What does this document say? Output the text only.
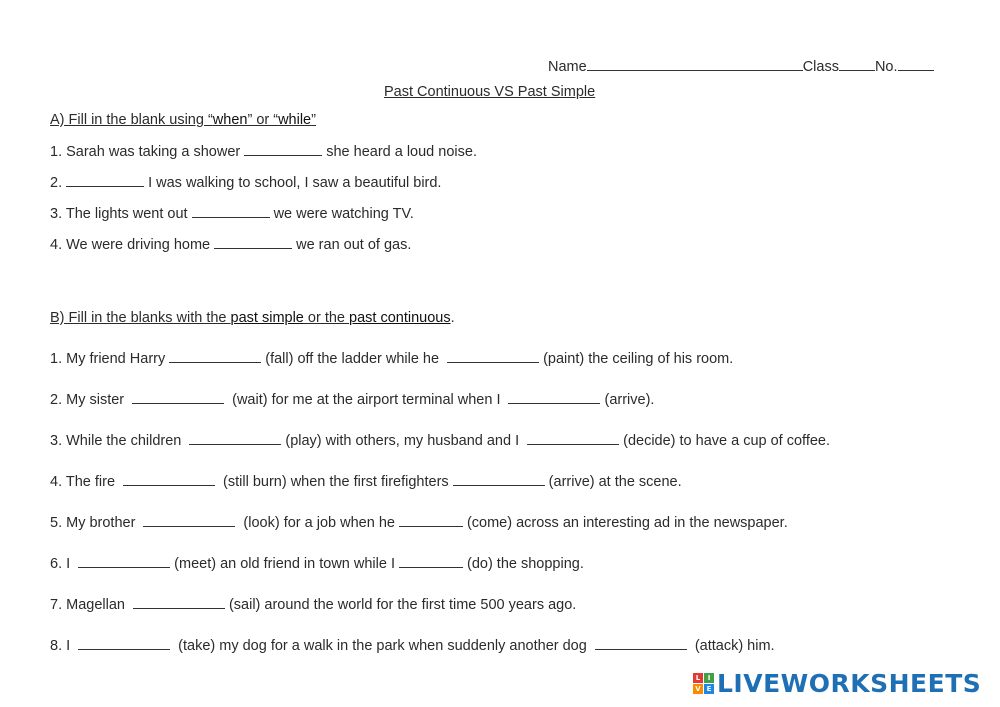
Name	Class No.
Past Continuous VS Past Simple
A) Fill in the blank using “when” or “while”
1. Sarah was taking a shower	she heard a loud noise.
2.	I was walking to school, I saw a beautiful bird.
3. The lights went out	we were watching TV.
4. We were driving home	we ran out of gas.
B) Fill in the blanks with the past simple or the past continuous.
1. My friend Harry	(fall) off the ladder while he	(paint) the ceiling of his room.
2. My sister	(wait) for me at the airport terminal when I	(arrive).
3. While the children	(play) with others, my husband and I	(decide) to have a cup of coffee.
4. The fire	(still burn) when the first firefighters	(arrive) at the scene.
5. My brother	(look) for a job when he	(come) across an interesting ad in the newspaper.
6. I	(meet) an old friend in town while I	(do) the shopping.
7. Magellan	(sail) around the world for the first time 500 years ago.
8. I	(take) my dog for a walk in the park when suddenly another dog	(attack) him.
L	I
V E LIVEWORKSHEETS
